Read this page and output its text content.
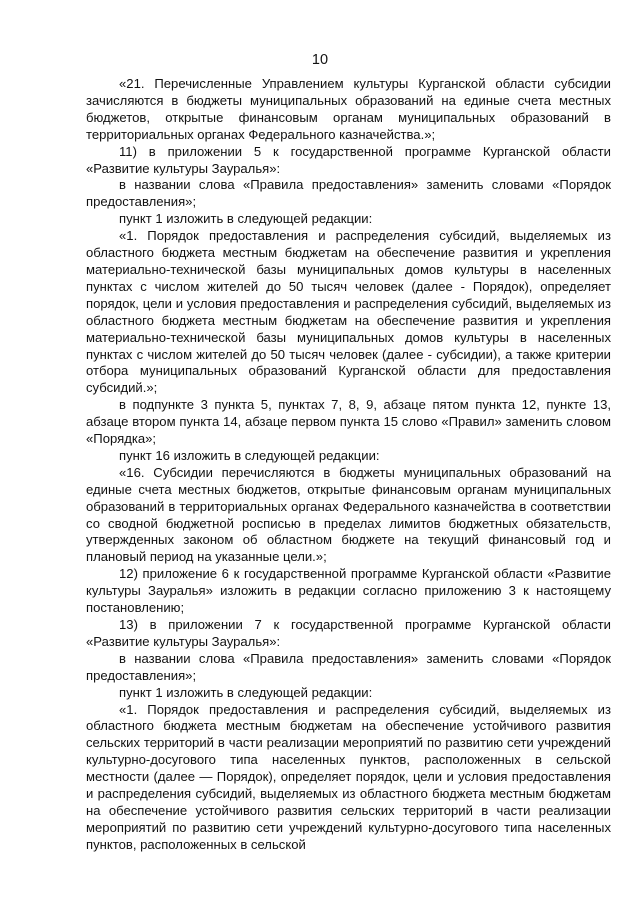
10

«21. Перечисленные Управлением культуры Курганской области субсидии зачисляются в бюджеты муниципальных образований на единые счета местных бюджетов, открытые финансовым органам муниципальных образований в территориальных органах Федерального казначейства.»;

11) в приложении 5 к государственной программе Курганской области «Развитие культуры Зауралья»:

в названии слова «Правила предоставления» заменить словами «Порядок предоставления»;

пункт 1 изложить в следующей редакции:

«1. Порядок предоставления и распределения субсидий, выделяемых из областного бюджета местным бюджетам на обеспечение развития и укрепления материально-технической базы муниципальных домов культуры в населенных пунктах с числом жителей до 50 тысяч человек (далее - Порядок), определяет порядок, цели и условия предоставления и распределения субсидий, выделяемых из областного бюджета местным бюджетам на обеспечение развития и укрепления материально-технической базы муниципальных домов культуры в населенных пунктах с числом жителей до 50 тысяч человек (далее - субсидии), а также критерии отбора муниципальных образований Курганской области для предоставления субсидий.»;

в подпункте 3 пункта 5, пунктах 7, 8, 9, абзаце пятом пункта 12, пункте 13, абзаце втором пункта 14, абзаце первом пункта 15 слово «Правил» заменить словом «Порядка»;

пункт 16 изложить в следующей редакции:

«16. Субсидии перечисляются в бюджеты муниципальных образований на единые счета местных бюджетов, открытые финансовым органам муниципальных образований в территориальных органах Федерального казначейства в соответствии со сводной бюджетной росписью в пределах лимитов бюджетных обязательств, утвержденных законом об областном бюджете на текущий финансовый год и плановый период на указанные цели.»;

12) приложение 6 к государственной программе Курганской области «Развитие культуры Зауралья» изложить в редакции согласно приложению 3 к настоящему постановлению;

13) в приложении 7 к государственной программе Курганской области «Развитие культуры Зауралья»:

в названии слова «Правила предоставления» заменить словами «Порядок предоставления»;

пункт 1 изложить в следующей редакции:

«1. Порядок предоставления и распределения субсидий, выделяемых из областного бюджета местным бюджетам на обеспечение устойчивого развития сельских территорий в части реализации мероприятий по развитию сети учреждений культурно-досугового типа населенных пунктов, расположенных в сельской местности (далее — Порядок), определяет порядок, цели и условия предоставления и распределения субсидий, выделяемых из областного бюджета местным бюджетам на обеспечение устойчивого развития сельских территорий в части реализации мероприятий по развитию сети учреждений культурно-досугового типа населенных пунктов, расположенных в сельской
